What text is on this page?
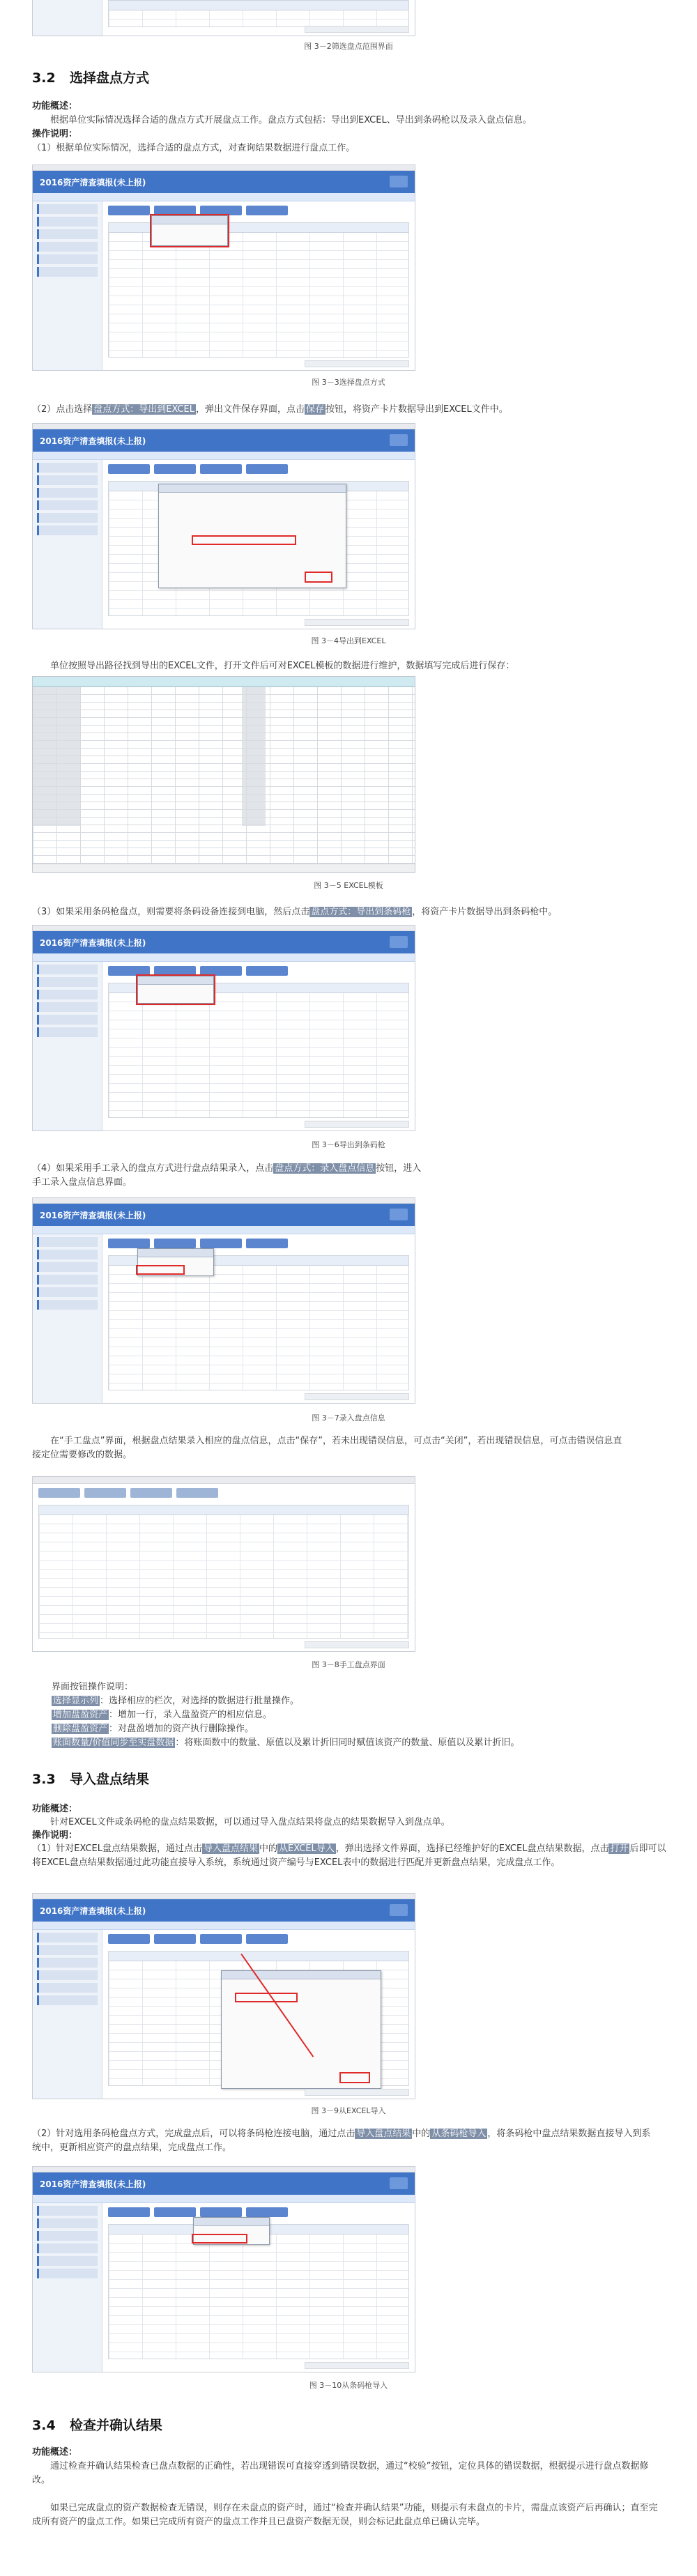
图 3－2筛选盘点范围界面
3.2 选择盘点方式
功能概述：
根据单位实际情况选择合适的盘点方式开展盘点工作。盘点方式包括：导出到EXCEL、导出到条码枪以及录入盘点信息。
操作说明：
（1）根据单位实际情况，选择合适的盘点方式，对查询结果数据进行盘点工作。
2016资产清查填报(未上报)
图 3－3选择盘点方式
（2）点击选择 盘点方式：导出到EXCEL ，弹出文件保存界面，点击 保存 按钮，将资产卡片数据导出到EXCEL文件中。
2016资产清查填报(未上报)
图 3－4导出到EXCEL
单位按照导出路径找到导出的EXCEL文件，打开文件后可对EXCEL模板的数据进行维护，数据填写完成后进行保存：
图 3－5 EXCEL模板
（3）如果采用条码枪盘点，则需要将条码设备连接到电脑，然后点击 盘点方式：导出到条码枪 ，将资产卡片数据导出到条码枪中。
2016资产清查填报(未上报)
图 3－6导出到条码枪
（4）如果采用手工录入的盘点方式进行盘点结果录入，点击 盘点方式：录入盘点信息 按钮，进入手工录入盘点信息界面。
2016资产清查填报(未上报)
图 3－7录入盘点信息
在“手工盘点”界面，根据盘点结果录入相应的盘点信息，点击“保存”，若未出现错误信息，可点击“关闭”，若出现错误信息，可点击错误信息直接定位需要修改的数据。
图 3－8手工盘点界面
界面按钮操作说明：
选择显示列 ：选择相应的栏次，对选择的数据进行批量操作。
增加盘盈资产 ：增加一行，录入盘盈资产的相应信息。
删除盘盈资产 ：对盘盈增加的资产执行删除操作。
账面数量/价值同步至实盘数据 ：将账面数中的数量、原值以及累计折旧同时赋值该资产的数量、原值以及累计折旧。
3.3 导入盘点结果
功能概述：
针对EXCEL文件或条码枪的盘点结果数据，可以通过导入盘点结果将盘点的结果数据导入到盘点单。
操作说明：
（1）针对EXCEL盘点结果数据，通过点击 导入盘点结果 中的 从EXCEL导入 ，弹出选择文件界面，选择已经维护好的EXCEL盘点结果数据，点击 打开 后即可以将EXCEL盘点结果数据通过此功能直接导入系统，系统通过资产编号与EXCEL表中的数据进行匹配并更新盘点结果，完成盘点工作。
2016资产清查填报(未上报)
图 3－9从EXCEL导入
（2）针对选用条码枪盘点方式，完成盘点后，可以将条码枪连接电脑，通过点击 导入盘点结果 中的 从条码枪导入 ，将条码枪中盘点结果数据直接导入到系统中，更新相应资产的盘点结果，完成盘点工作。
2016资产清查填报(未上报)
图 3－10从条码枪导入
3.4 检查并确认结果
功能概述：
通过检查并确认结果检查已盘点数据的正确性，若出现错误可直接穿透到错误数据，通过“校验”按钮，定位具体的错误数据，根据提示进行盘点数据修改。
如果已完成盘点的资产数据检查无错误，则存在未盘点的资产时，通过“检查并确认结果”功能，则提示有未盘点的卡片，需盘点该资产后再确认；直至完成所有资产的盘点工作。如果已完成所有资产的盘点工作并且已盘资产数据无误，则会标记此盘点单已确认完毕。
